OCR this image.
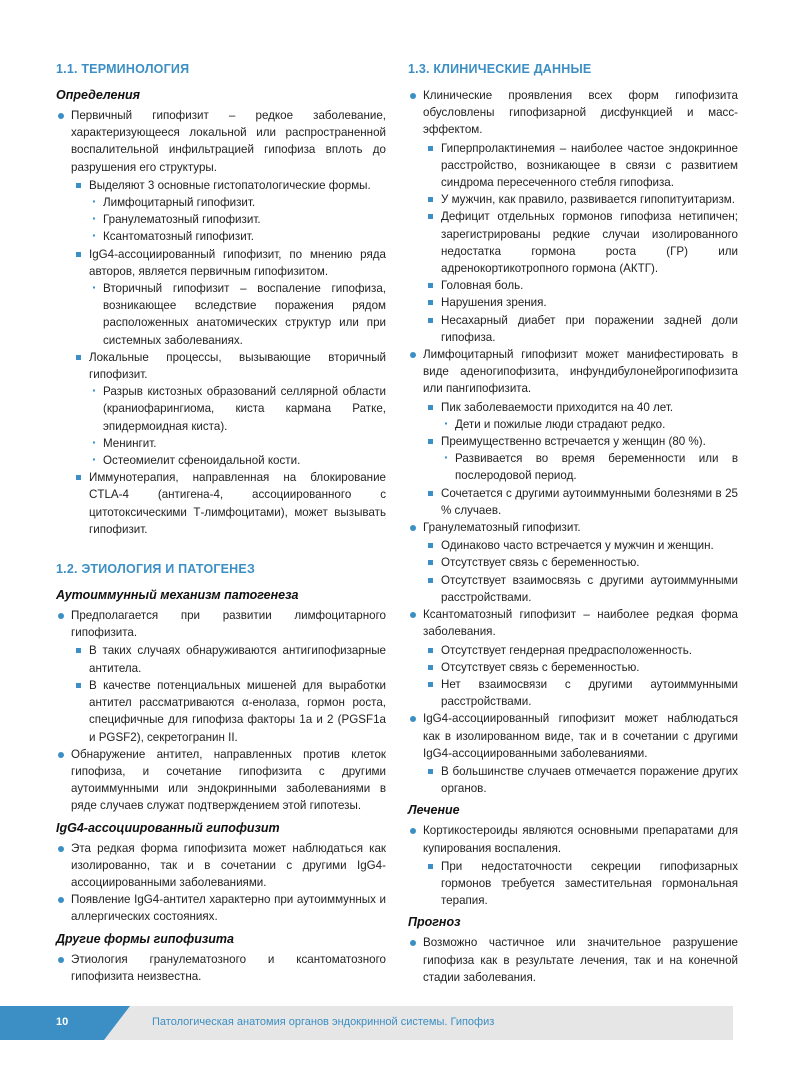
1.1. ТЕРМИНОЛОГИЯ
Определения
Первичный гипофизит – редкое заболевание, характеризующееся локальной или распространенной воспалительной инфильтрацией гипофиза вплоть до разрушения его структуры.
Выделяют 3 основные гистопатологические формы.
· Лимфоцитарный гипофизит.
· Гранулематозный гипофизит.
· Ксантоматозный гипофизит.
IgG4-ассоциированный гипофизит, по мнению ряда авторов, является первичным гипофизитом.
· Вторичный гипофизит – воспаление гипофиза, возникающее вследствие поражения рядом расположенных анатомических структур или при системных заболеваниях.
Локальные процессы, вызывающие вторичный гипофизит.
· Разрыв кистозных образований селлярной области (краниофарингиома, киста кармана Ратке, эпидермоидная киста).
· Менингит.
· Остеомиелит сфеноидальной кости.
Иммунотерапия, направленная на блокирование CTLA-4 (антигена-4, ассоциированного с цитотоксическими Т-лимфоцитами), может вызывать гипофизит.
1.2. ЭТИОЛОГИЯ И ПАТОГЕНЕЗ
Аутоиммунный механизм патогенеза
Предполагается при развитии лимфоцитарного гипофизита.
В таких случаях обнаруживаются антигипофизарные антитела.
В качестве потенциальных мишеней для выработки антител рассматриваются α-енолаза, гормон роста, специфичные для гипофиза факторы 1а и 2 (PGSF1a и PGSF2), секретогранин II.
Обнаружение антител, направленных против клеток гипофиза, и сочетание гипофизита с другими аутоиммунными или эндокринными заболеваниями в ряде случаев служат подтверждением этой гипотезы.
IgG4-ассоциированный гипофизит
Эта редкая форма гипофизита может наблюдаться как изолированно, так и в сочетании с другими IgG4-ассоциированными заболеваниями.
Появление IgG4-антител характерно при аутоиммунных и аллергических состояниях.
Другие формы гипофизита
Этиология гранулематозного и ксантоматозного гипофизита неизвестна.
1.3. КЛИНИЧЕСКИЕ ДАННЫЕ
Клинические проявления всех форм гипофизита обусловлены гипофизарной дисфункцией и масс-эффектом.
Гиперпролактинемия – наиболее частое эндокринное расстройство, возникающее в связи с развитием синдрома пересеченного стебля гипофиза.
У мужчин, как правило, развивается гипопитуитаризм.
Дефицит отдельных гормонов гипофиза нетипичен; зарегистрированы редкие случаи изолированного недостатка гормона роста (ГР) или адренокортикотропного гормона (АКТГ).
Головная боль.
Нарушения зрения.
Несахарный диабет при поражении задней доли гипофиза.
Лимфоцитарный гипофизит может манифестировать в виде аденогипофизита, инфундибулонейрогипофизита или пангипофизита.
Пик заболеваемости приходится на 40 лет.
· Дети и пожилые люди страдают редко.
Преимущественно встречается у женщин (80 %).
· Развивается во время беременности или в послеродовой период.
Сочетается с другими аутоиммунными болезнями в 25 % случаев.
Гранулематозный гипофизит.
Одинаково часто встречается у мужчин и женщин.
Отсутствует связь с беременностью.
Отсутствует взаимосвязь с другими аутоиммунными расстройствами.
Ксантоматозный гипофизит – наиболее редкая форма заболевания.
Отсутствует гендерная предрасположенность.
Отсутствует связь с беременностью.
Нет взаимосвязи с другими аутоиммунными расстройствами.
IgG4-ассоциированный гипофизит может наблюдаться как в изолированном виде, так и в сочетании с другими IgG4-ассоциированными заболеваниями.
В большинстве случаев отмечается поражение других органов.
Лечение
Кортикостероиды являются основными препаратами для купирования воспаления.
При недостаточности секреции гипофизарных гормонов требуется заместительная гормональная терапия.
Прогноз
Возможно частичное или значительное разрушение гипофиза как в результате лечения, так и на конечной стадии заболевания.
10	Патологическая анатомия органов эндокринной системы. Гипофиз
